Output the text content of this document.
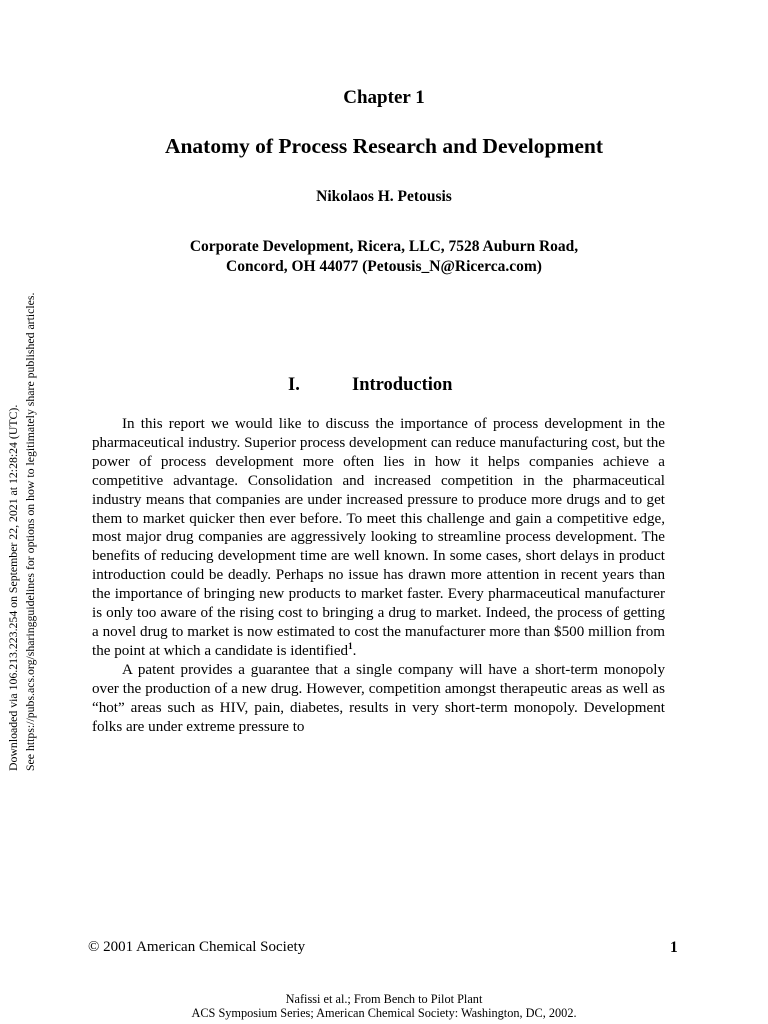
Downloaded via 106.213.223.254 on September 22, 2021 at 12:28:24 (UTC). See https://pubs.acs.org/sharingguidelines for options on how to legitimately share published articles.
Chapter 1
Anatomy of Process Research and Development
Nikolaos H. Petousis
Corporate Development, Ricera, LLC, 7528 Auburn Road,
Concord, OH 44077 (Petousis_N@Ricerca.com)
I.	Introduction

In this report we would like to discuss the importance of process development in the pharmaceutical industry. Superior process development can reduce manufacturing cost, but the power of process development more often lies in how it helps companies achieve a competitive advantage. Consolidation and increased competition in the pharmaceutical industry means that companies are under increased pressure to produce more drugs and to get them to market quicker then ever before. To meet this challenge and gain a competitive edge, most major drug companies are aggressively looking to streamline process development. The benefits of reducing development time are well known. In some cases, short delays in product introduction could be deadly. Perhaps no issue has drawn more attention in recent years than the importance of bringing new products to market faster. Every pharmaceutical manufacturer is only too aware of the rising cost to bringing a drug to market. Indeed, the process of getting a novel drug to market is now estimated to cost the manufacturer more than $500 million from the point at which a candidate is identified$^1$.

A patent provides a guarantee that a single company will have a short-term monopoly over the production of a new drug. However, competition amongst therapeutic areas as well as “hot” areas such as HIV, pain, diabetes, results in very short-term monopoly. Development folks are under extreme pressure to

© 2001 American Chemical Society	1
Nafissi et al.; From Bench to Pilot Plant
ACS Symposium Series; American Chemical Society: Washington, DC, 2002.
